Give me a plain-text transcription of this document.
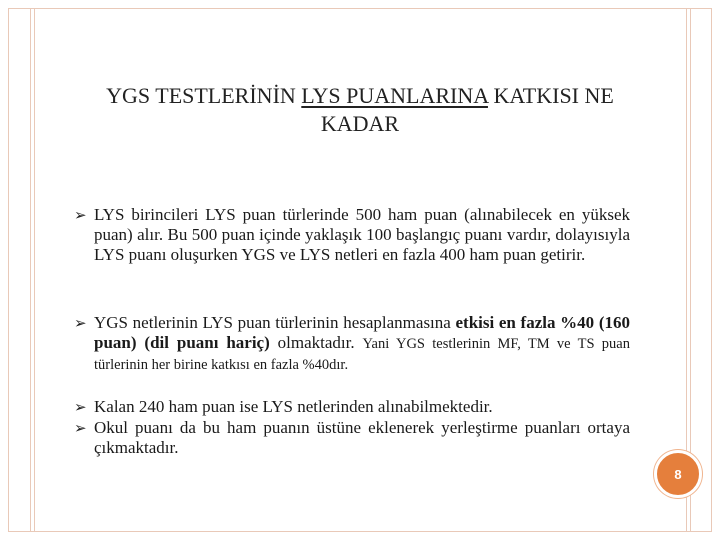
YGS TESTLERİNİN LYS PUANLARINA KATKISI NE
KADAR
➢ LYS birincileri LYS puan türlerinde 500 ham puan (alınabilecek en yüksek puan) alır. Bu 500 puan içinde yaklaşık 100 başlangıç puanı vardır, dolayısıyla LYS puanı oluşurken YGS ve LYS netleri en fazla 400 ham puan getirir.
➢ YGS netlerinin LYS puan türlerinin hesaplanmasına etkisi en fazla %40 (160 puan) (dil puanı hariç) olmaktadır. Yani YGS testlerinin MF, TM ve TS puan türlerinin her birine katkısı en fazla %40dır.
➢ Kalan 240 ham puan ise LYS netlerinden alınabilmektedir.
➢ Okul puanı da bu ham puanın üstüne eklenerek yerleştirme puanları ortaya çıkmaktadır.
8
